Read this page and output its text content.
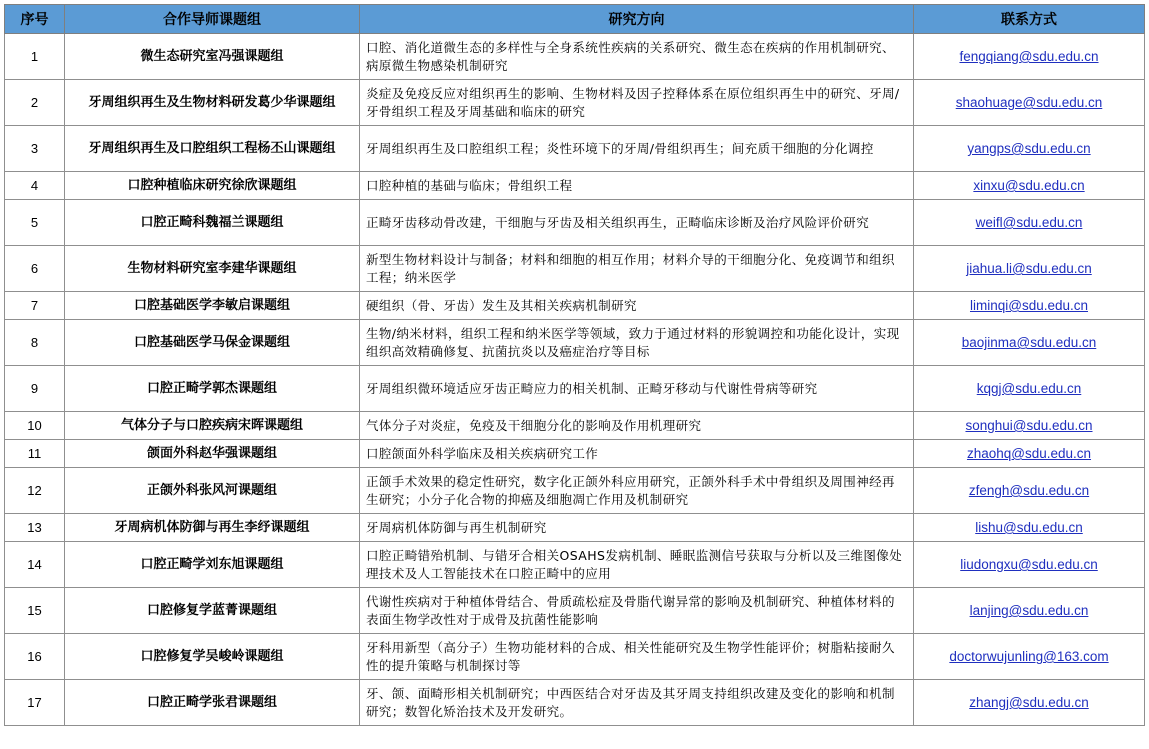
序号	合作导师课题组	研究方向	联系方式
1	微生态研究室冯强课题组	口腔、消化道微生态的多样性与全身系统性疾病的关系研究、微生态在疾病的作用机制研究、病原微生物感染机制研究	fengqiang@sdu.edu.cn
2	牙周组织再生及生物材料研发葛少华课题组	炎症及免疫反应对组织再生的影响、生物材料及因子控释体系在原位组织再生中的研究、牙周/牙骨组织工程及牙周基础和临床的研究	shaohuage@sdu.edu.cn
3	牙周组织再生及口腔组织工程杨丕山课题组	牙周组织再生及口腔组织工程；炎性环境下的牙周/骨组织再生；间充质干细胞的分化调控	yangps@sdu.edu.cn
4	口腔种植临床研究徐欣课题组	口腔种植的基础与临床；骨组织工程	xinxu@sdu.edu.cn
5	口腔正畸科魏福兰课题组	正畸牙齿移动骨改建，干细胞与牙齿及相关组织再生，正畸临床诊断及治疗风险评价研究	weifl@sdu.edu.cn
6	生物材料研究室李建华课题组	新型生物材料设计与制备；材料和细胞的相互作用；材料介导的干细胞分化、免疫调节和组织工程；纳米医学	jiahua.li@sdu.edu.cn
7	口腔基础医学李敏启课题组	硬组织（骨、牙齿）发生及其相关疾病机制研究	liminqi@sdu.edu.cn
8	口腔基础医学马保金课题组	生物/纳米材料，组织工程和纳米医学等领域，致力于通过材料的形貌调控和功能化设计，实现组织高效精确修复、抗菌抗炎以及癌症治疗等目标	baojinma@sdu.edu.cn
9	口腔正畸学郭杰课题组	牙周组织微环境适应牙齿正畸应力的相关机制、正畸牙移动与代谢性骨病等研究	kqgj@sdu.edu.cn
10	气体分子与口腔疾病宋晖课题组	气体分子对炎症，免疫及干细胞分化的影响及作用机理研究	songhui@sdu.edu.cn
11	颌面外科赵华强课题组	口腔颌面外科学临床及相关疾病研究工作	zhaohq@sdu.edu.cn
12	正颌外科张风河课题组	正颌手术效果的稳定性研究，数字化正颌外科应用研究，正颌外科手术中骨组织及周围神经再生研究；小分子化合物的抑癌及细胞凋亡作用及机制研究	zfengh@sdu.edu.cn
13	牙周病机体防御与再生李纾课题组	牙周病机体防御与再生机制研究	lishu@sdu.edu.cn
14	口腔正畸学刘东旭课题组	口腔正畸错殆机制、与错牙合相关OSAHS发病机制、睡眠监测信号获取与分析以及三维图像处理技术及人工智能技术在口腔正畸中的应用	liudongxu@sdu.edu.cn
15	口腔修复学蓝菁课题组	代谢性疾病对于种植体骨结合、骨质疏松症及骨脂代谢异常的影响及机制研究、种植体材料的表面生物学改性对于成骨及抗菌性能影响	lanjing@sdu.edu.cn
16	口腔修复学吴峻岭课题组	牙科用新型（高分子）生物功能材料的合成、相关性能研究及生物学性能评价；树脂粘接耐久性的提升策略与机制探讨等	doctorwujunling@163.com
17	口腔正畸学张君课题组	牙、颌、面畸形相关机制研究；中西医结合对牙齿及其牙周支持组织改建及变化的影响和机制研究；数智化矫治技术及开发研究。	zhangj@sdu.edu.cn
